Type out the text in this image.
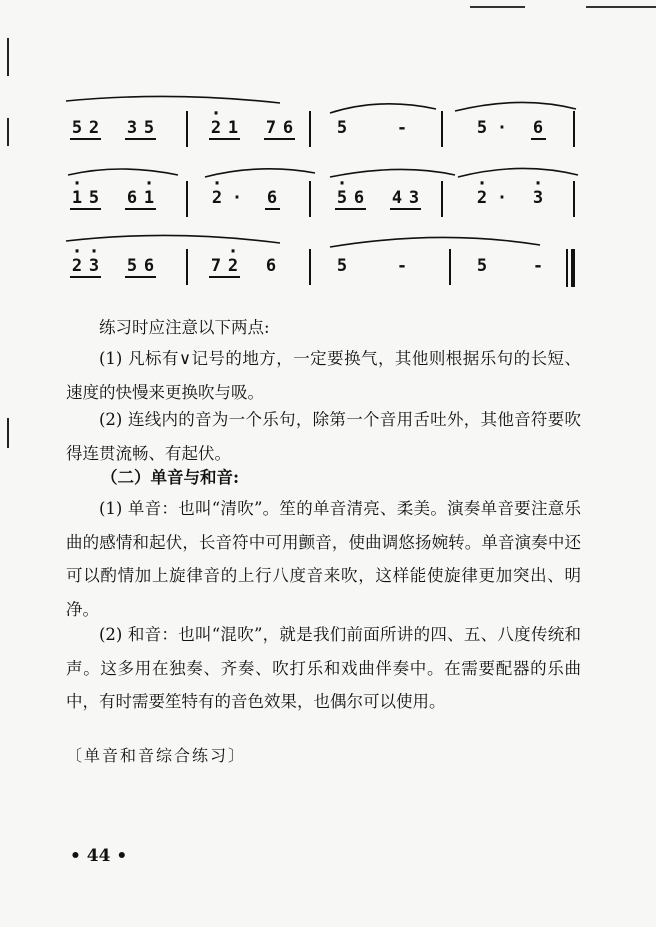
5 2 3 5	· 2 1 7 6	5	-	5 · 6
· 1 5 6 · 1	· 2 · 6	· 5 6 4 3	· 2 · · 3
· 2 · 3 5 6	7 · 2 6	5	-	5	-

练习时应注意以下两点:

(1) 凡标有∨记号的地方，一定要换气，其他则根据乐句的长短、速度的快慢来更换吹与吸。

(2) 连线内的音为一个乐句，除第一个音用舌吐外，其他音符要吹得连贯流畅、有起伏。

（二）单音与和音:

(1) 单音：也叫“清吹”。笙的单音清亮、柔美。演奏单音要注意乐曲的感情和起伏，长音符中可用颤音，使曲调悠扬婉转。单音演奏中还可以酌情加上旋律音的上行八度音来吹，这样能使旋律更加突出、明净。

(2) 和音：也叫“混吹”，就是我们前面所讲的四、五、八度传统和声。这多用在独奏、齐奏、吹打乐和戏曲伴奏中。在需要配器的乐曲中，有时需要笙特有的音色效果，也偶尔可以使用。

〔单音和音综合练习〕

• 44 •
